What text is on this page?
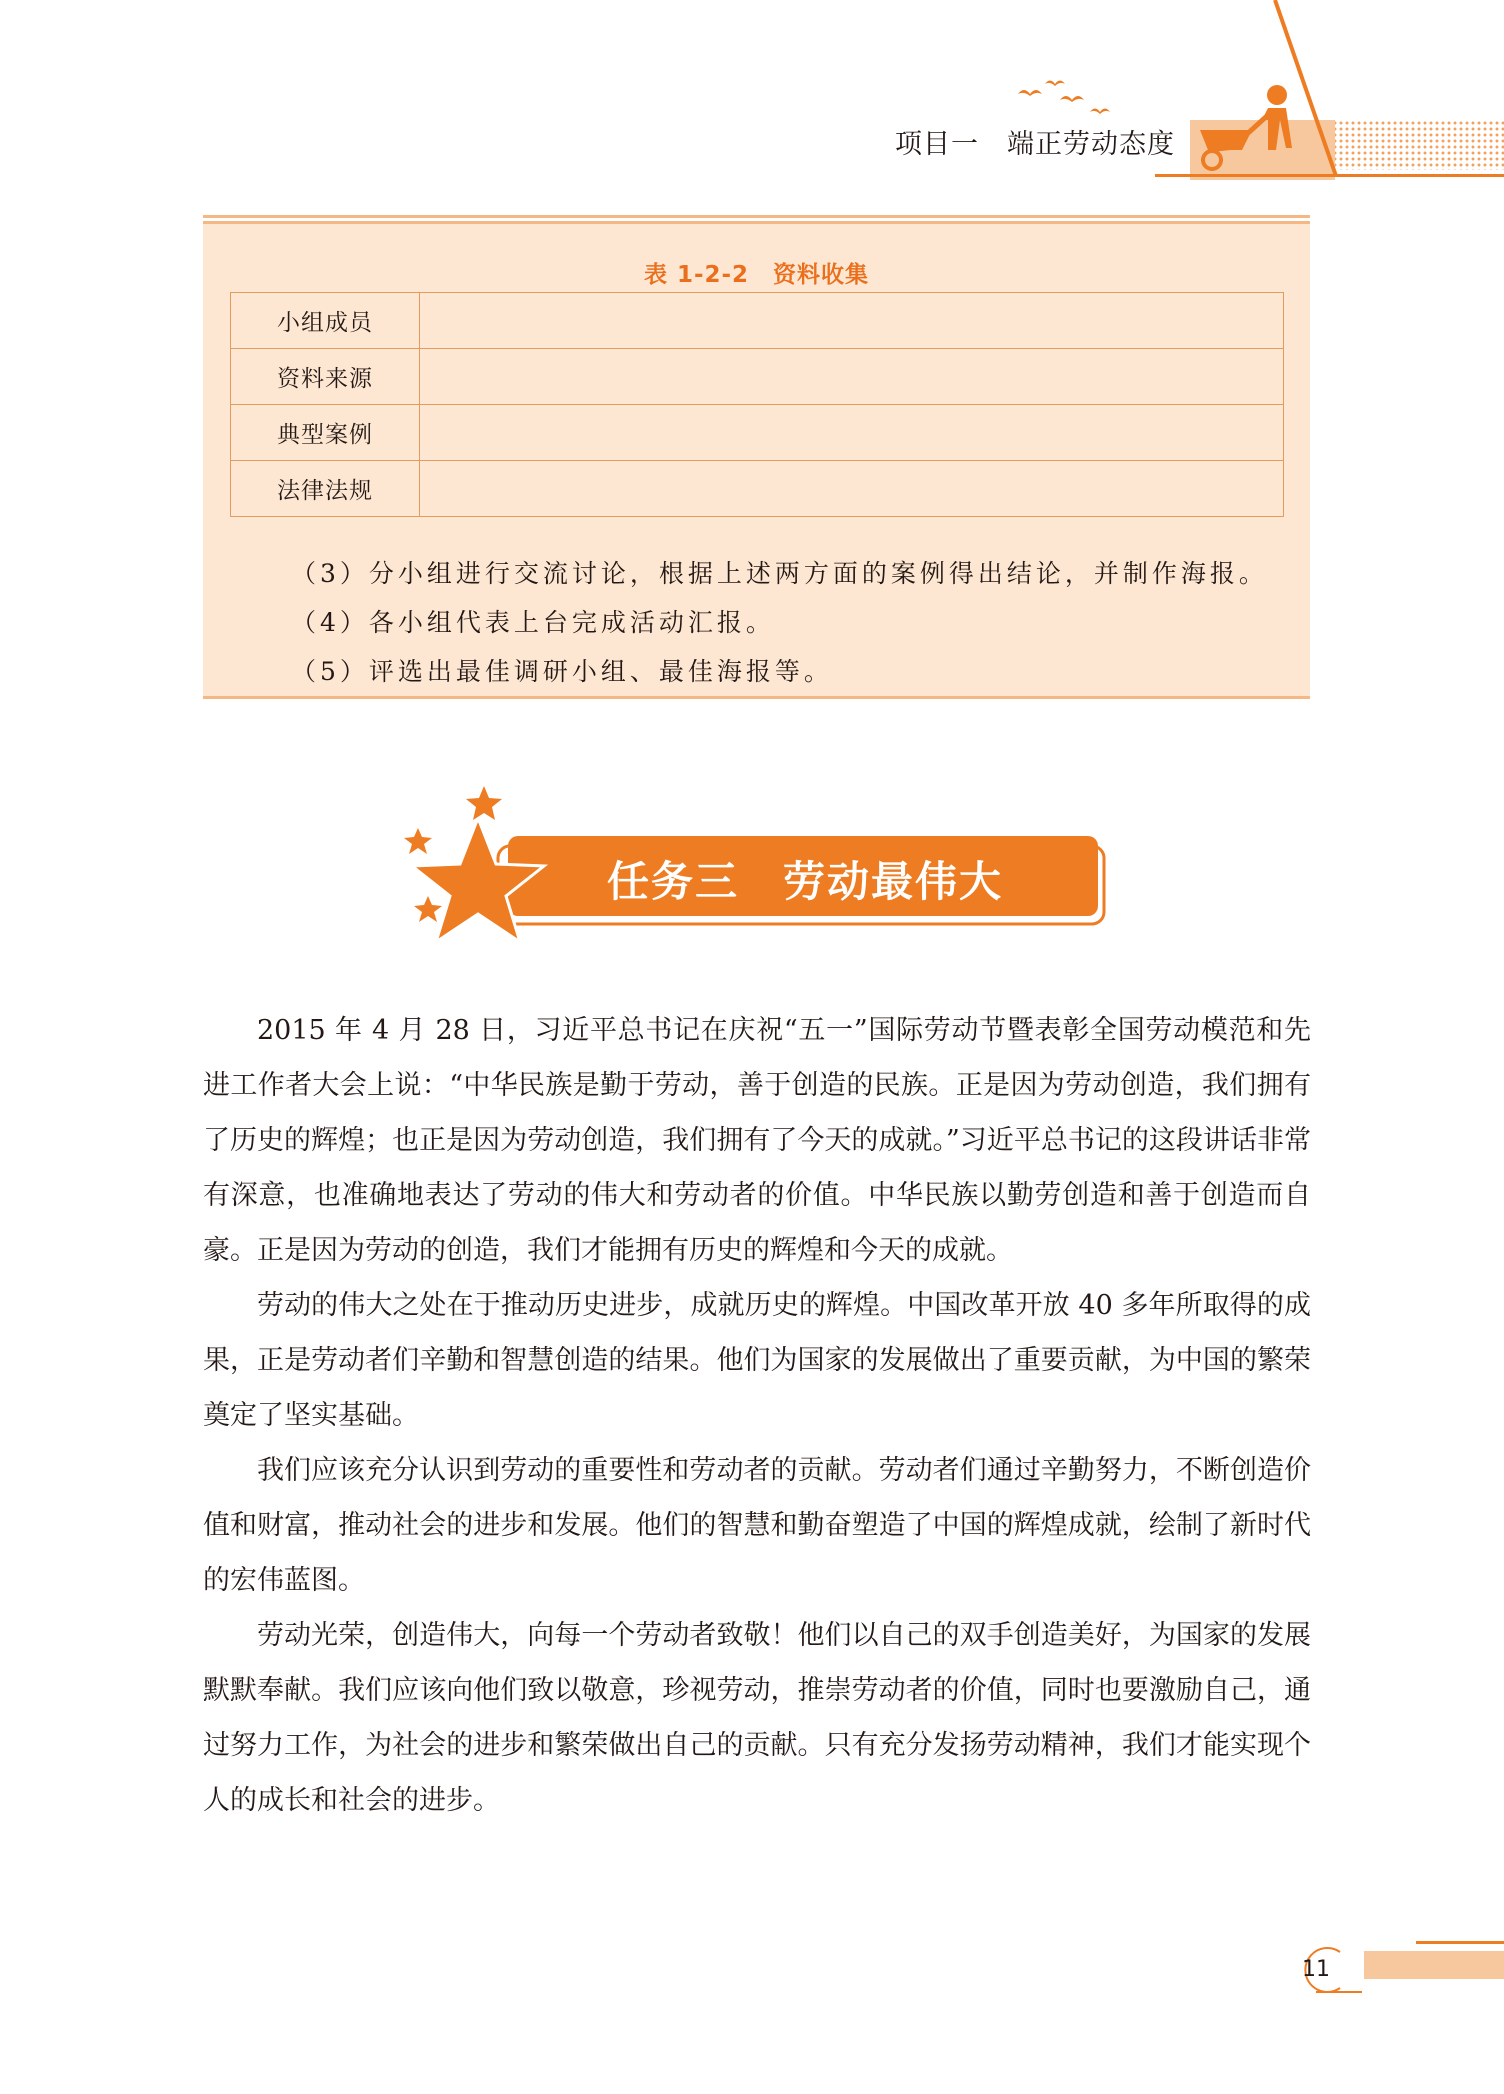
项目一　端正劳动态度
表 1-2-2　资料收集
小组成员	
资料来源	
典型案例	
法律法规	
（3）分小组进行交流讨论，根据上述两方面的案例得出结论，并制作海报。
（4）各小组代表上台完成活动汇报。
（5）评选出最佳调研小组、最佳海报等。
任务三　劳动最伟大

2015 年 4 月 28 日，习近平总书记在庆祝“五一”国际劳动节暨表彰全国劳动模范和先进工作者大会上说：“中华民族是勤于劳动，善于创造的民族。正是因为劳动创造，我们拥有了历史的辉煌；也正是因为劳动创造，我们拥有了今天的成就。”习近平总书记的这段讲话非常有深意，也准确地表达了劳动的伟大和劳动者的价值。中华民族以勤劳创造和善于创造而自豪。正是因为劳动的创造，我们才能拥有历史的辉煌和今天的成就。

劳动的伟大之处在于推动历史进步，成就历史的辉煌。中国改革开放 40 多年所取得的成果，正是劳动者们辛勤和智慧创造的结果。他们为国家的发展做出了重要贡献，为中国的繁荣奠定了坚实基础。

我们应该充分认识到劳动的重要性和劳动者的贡献。劳动者们通过辛勤努力，不断创造价值和财富，推动社会的进步和发展。他们的智慧和勤奋塑造了中国的辉煌成就，绘制了新时代的宏伟蓝图。

劳动光荣，创造伟大，向每一个劳动者致敬！他们以自己的双手创造美好，为国家的发展默默奉献。我们应该向他们致以敬意，珍视劳动，推崇劳动者的价值，同时也要激励自己，通过努力工作，为社会的进步和繁荣做出自己的贡献。只有充分发扬劳动精神，我们才能实现个人的成长和社会的进步。

11
